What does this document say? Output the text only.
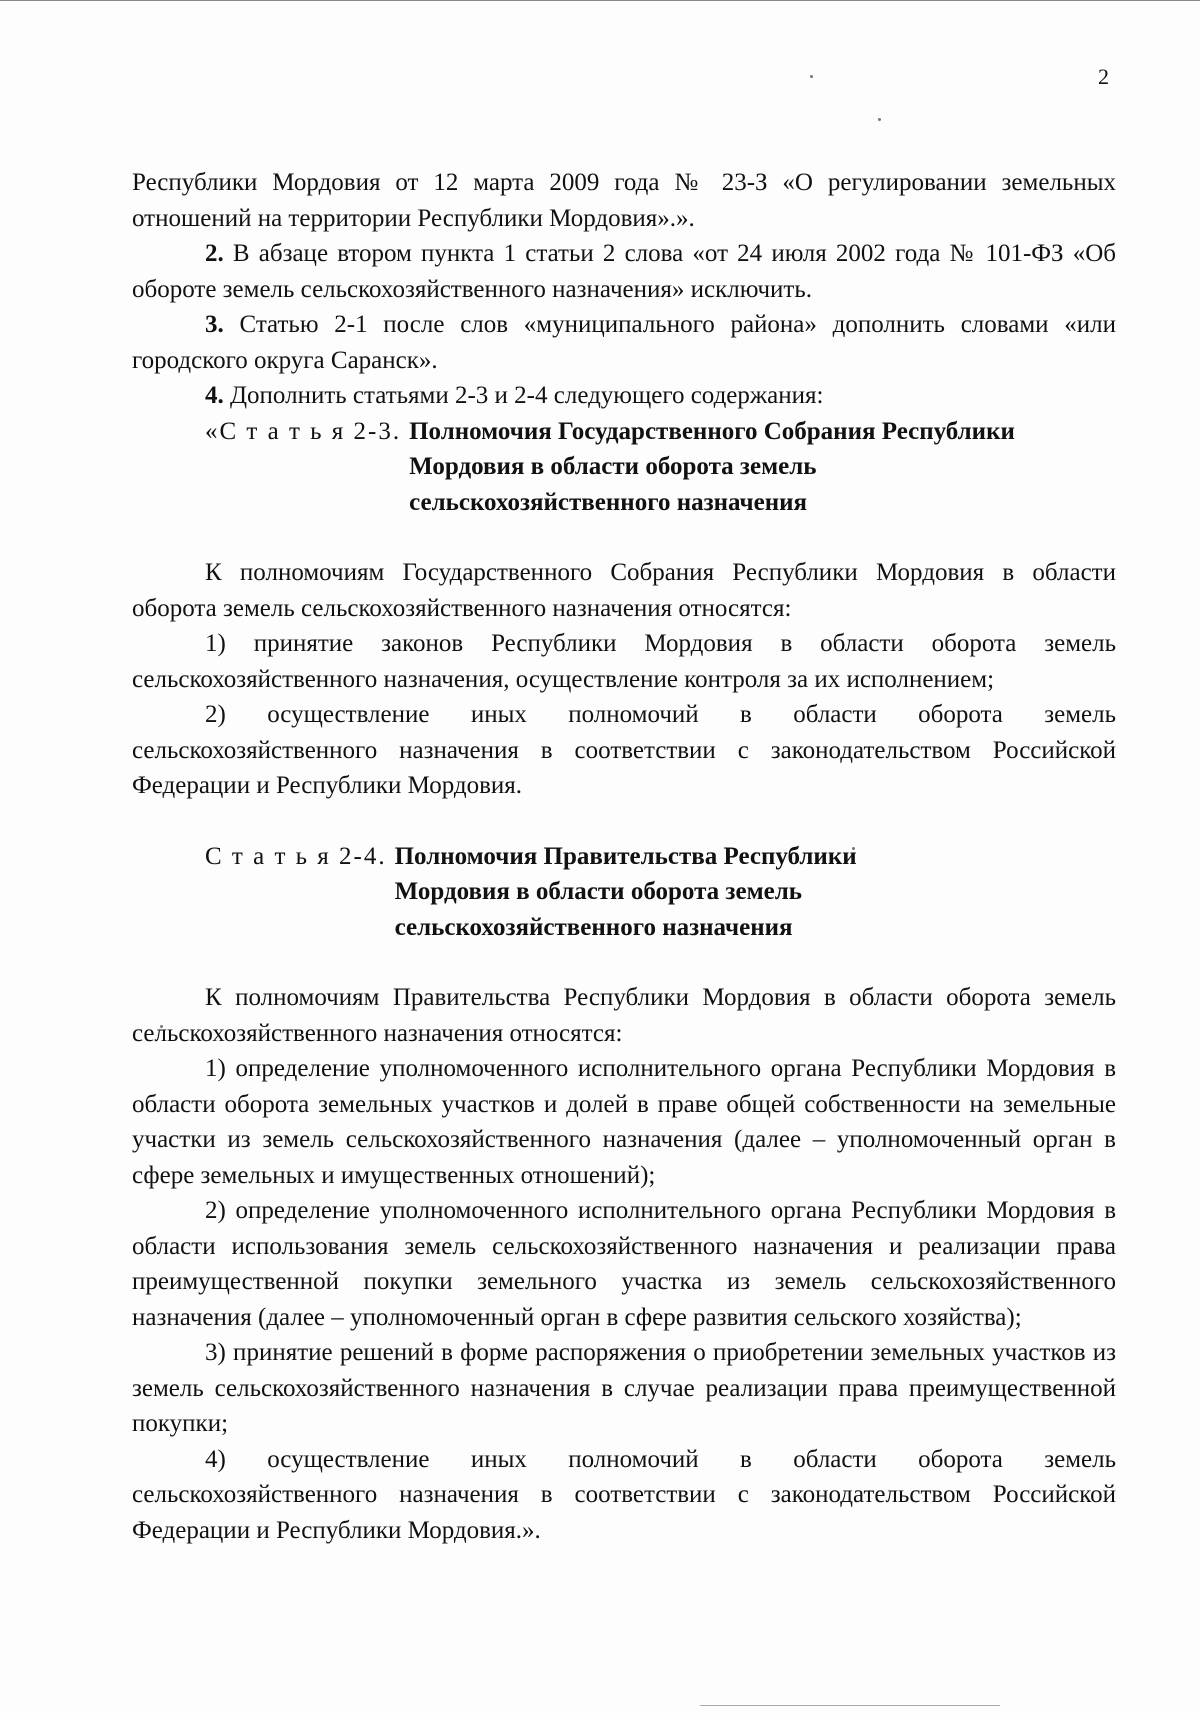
2

Республики Мордовия от 12 марта 2009 года № 23-З «О регулировании земельных отношений на территории Республики Мордовия».».

2. В абзаце втором пункта 1 статьи 2 слова «от 24 июля 2002 года № 101-ФЗ «Об обороте земель сельскохозяйственного назначения» исключить.

3. Статью 2-1 после слов «муниципального района» дополнить словами «или городского округа Саранск».

4. Дополнить статьями 2-3 и 2-4 следующего содержания:

«С т а т ь я 2-3. Полномочия Государственного Собрания Республики
Мордовия в области оборота земель
сельскохозяйственного назначения

К полномочиям Государственного Собрания Республики Мордовия в области оборота земель сельскохозяйственного назначения относятся:

1) принятие законов Республики Мордовия в области оборота земель сельскохозяйственного назначения, осуществление контроля за их исполнением;

2) осуществление иных полномочий в области оборота земель сельскохозяйственного назначения в соответствии с законодательством Российской Федерации и Республики Мордовия.

С т а т ь я 2-4. Полномочия Правительства Республики
Мордовия в области оборота земель
сельскохозяйственного назначения

К полномочиям Правительства Республики Мордовия в области оборота земель сельскохозяйственного назначения относятся:

1) определение уполномоченного исполнительного органа Республики Мордовия в области оборота земельных участков и долей в праве общей собственности на земельные участки из земель сельскохозяйственного назначения (далее – уполномоченный орган в сфере земельных и имущественных отношений);

2) определение уполномоченного исполнительного органа Республики Мордовия в области использования земель сельскохозяйственного назначения и реализации права преимущественной покупки земельного участка из земель сельскохозяйственного назначения (далее – уполномоченный орган в сфере развития сельского хозяйства);

3) принятие решений в форме распоряжения о приобретении земельных участков из земель сельскохозяйственного назначения в случае реализации права преимущественной покупки;

4) осуществление иных полномочий в области оборота земель сельскохозяйственного назначения в соответствии с законодательством Российской Федерации и Республики Мордовия.».
